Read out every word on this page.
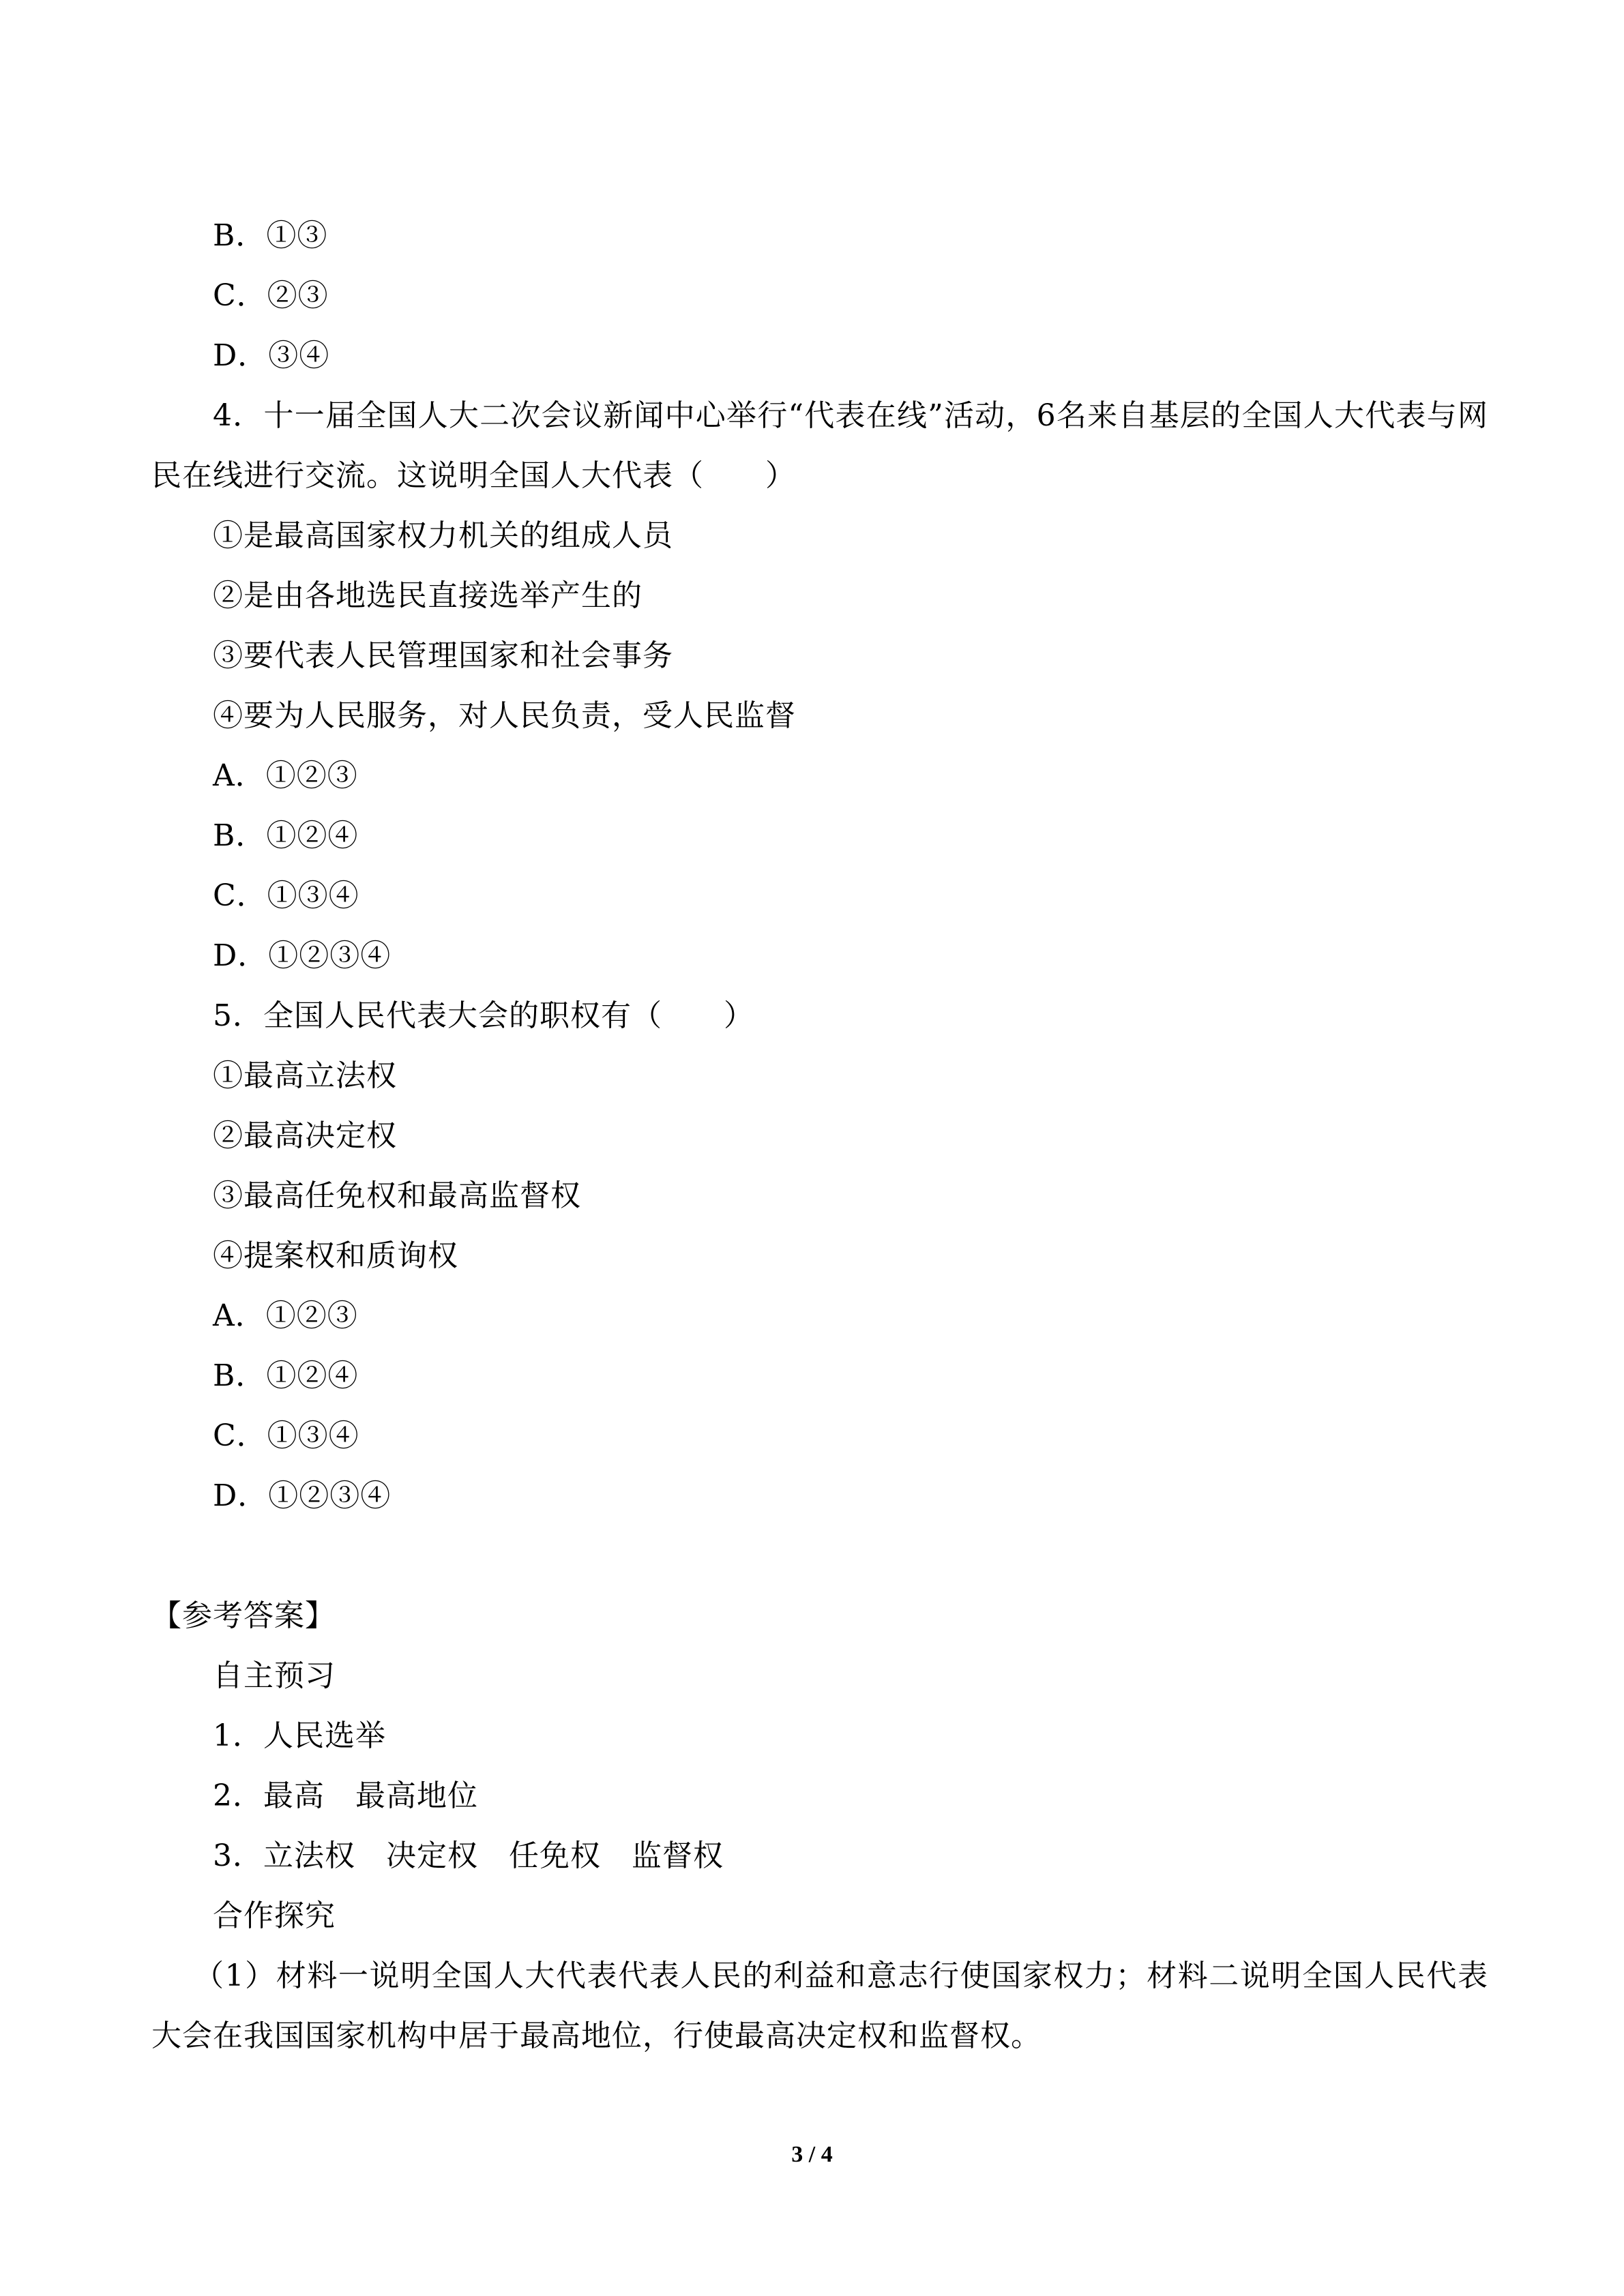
B．①③
C．②③
D．③④
4．十一届全国人大二次会议新闻中心举行“代表在线”活动，6名来自基层的全国人大代表与网民在线进行交流。这说明全国人大代表（　　）
①是最高国家权力机关的组成人员
②是由各地选民直接选举产生的
③要代表人民管理国家和社会事务
④要为人民服务，对人民负责，受人民监督
A．①②③
B．①②④
C．①③④
D．①②③④
5．全国人民代表大会的职权有（　　）
①最高立法权
②最高决定权
③最高任免权和最高监督权
④提案权和质询权
A．①②③
B．①②④
C．①③④
D．①②③④
【参考答案】
自主预习
1．人民选举
2．最高　最高地位
3．立法权　决定权　任免权　监督权
合作探究
（1）材料一说明全国人大代表代表人民的利益和意志行使国家权力；材料二说明全国人民代表大会在我国国家机构中居于最高地位，行使最高决定权和监督权。
3 / 4
